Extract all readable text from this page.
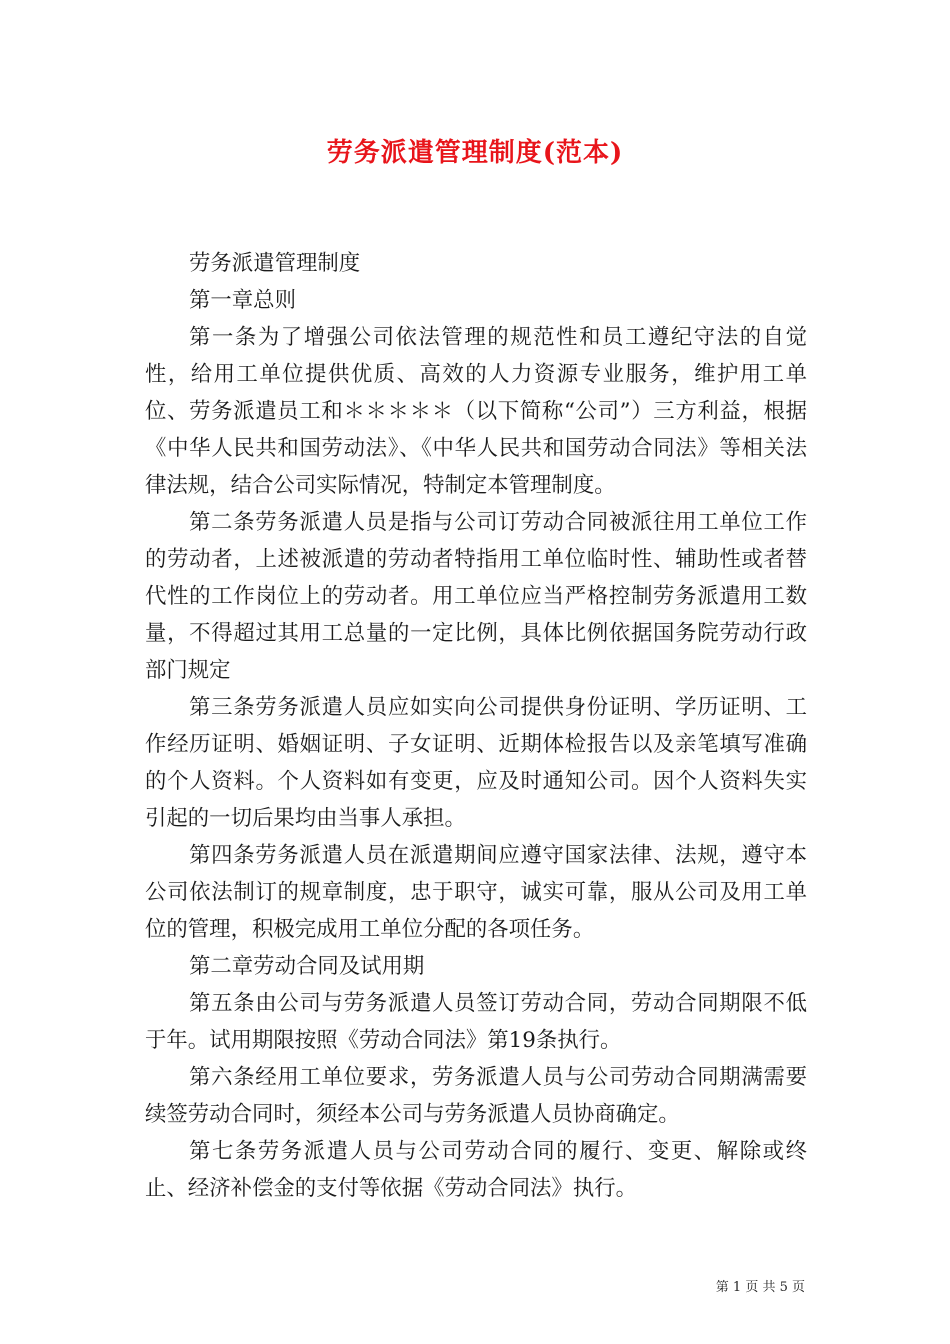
劳务派遣管理制度(范本)

劳务派遣管理制度

第一章总则

第一条为了增强公司依法管理的规范性和员工遵纪守法的自觉性，给用工单位提供优质、高效的人力资源专业服务，维护用工单位、劳务派遣员工和＊＊＊＊＊（以下简称“公司”）三方利益，根据《中华人民共和国劳动法》、《中华人民共和国劳动合同法》等相关法律法规，结合公司实际情况，特制定本管理制度。

第二条劳务派遣人员是指与公司订劳动合同被派往用工单位工作的劳动者，上述被派遣的劳动者特指用工单位临时性、辅助性或者替代性的工作岗位上的劳动者。用工单位应当严格控制劳务派遣用工数量，不得超过其用工总量的一定比例，具体比例依据国务院劳动行政部门规定

第三条劳务派遣人员应如实向公司提供身份证明、学历证明、工作经历证明、婚姻证明、子女证明、近期体检报告以及亲笔填写准确的个人资料。个人资料如有变更，应及时通知公司。因个人资料失实引起的一切后果均由当事人承担。

第四条劳务派遣人员在派遣期间应遵守国家法律、法规，遵守本公司依法制订的规章制度，忠于职守，诚实可靠，服从公司及用工单位的管理，积极完成用工单位分配的各项任务。

第二章劳动合同及试用期

第五条由公司与劳务派遣人员签订劳动合同，劳动合同期限不低于年。试用期限按照《劳动合同法》第19条执行。

第六条经用工单位要求，劳务派遣人员与公司劳动合同期满需要续签劳动合同时，须经本公司与劳务派遣人员协商确定。

第七条劳务派遣人员与公司劳动合同的履行、变更、解除或终止、经济补偿金的支付等依据《劳动合同法》执行。

第 1 页 共 5 页
